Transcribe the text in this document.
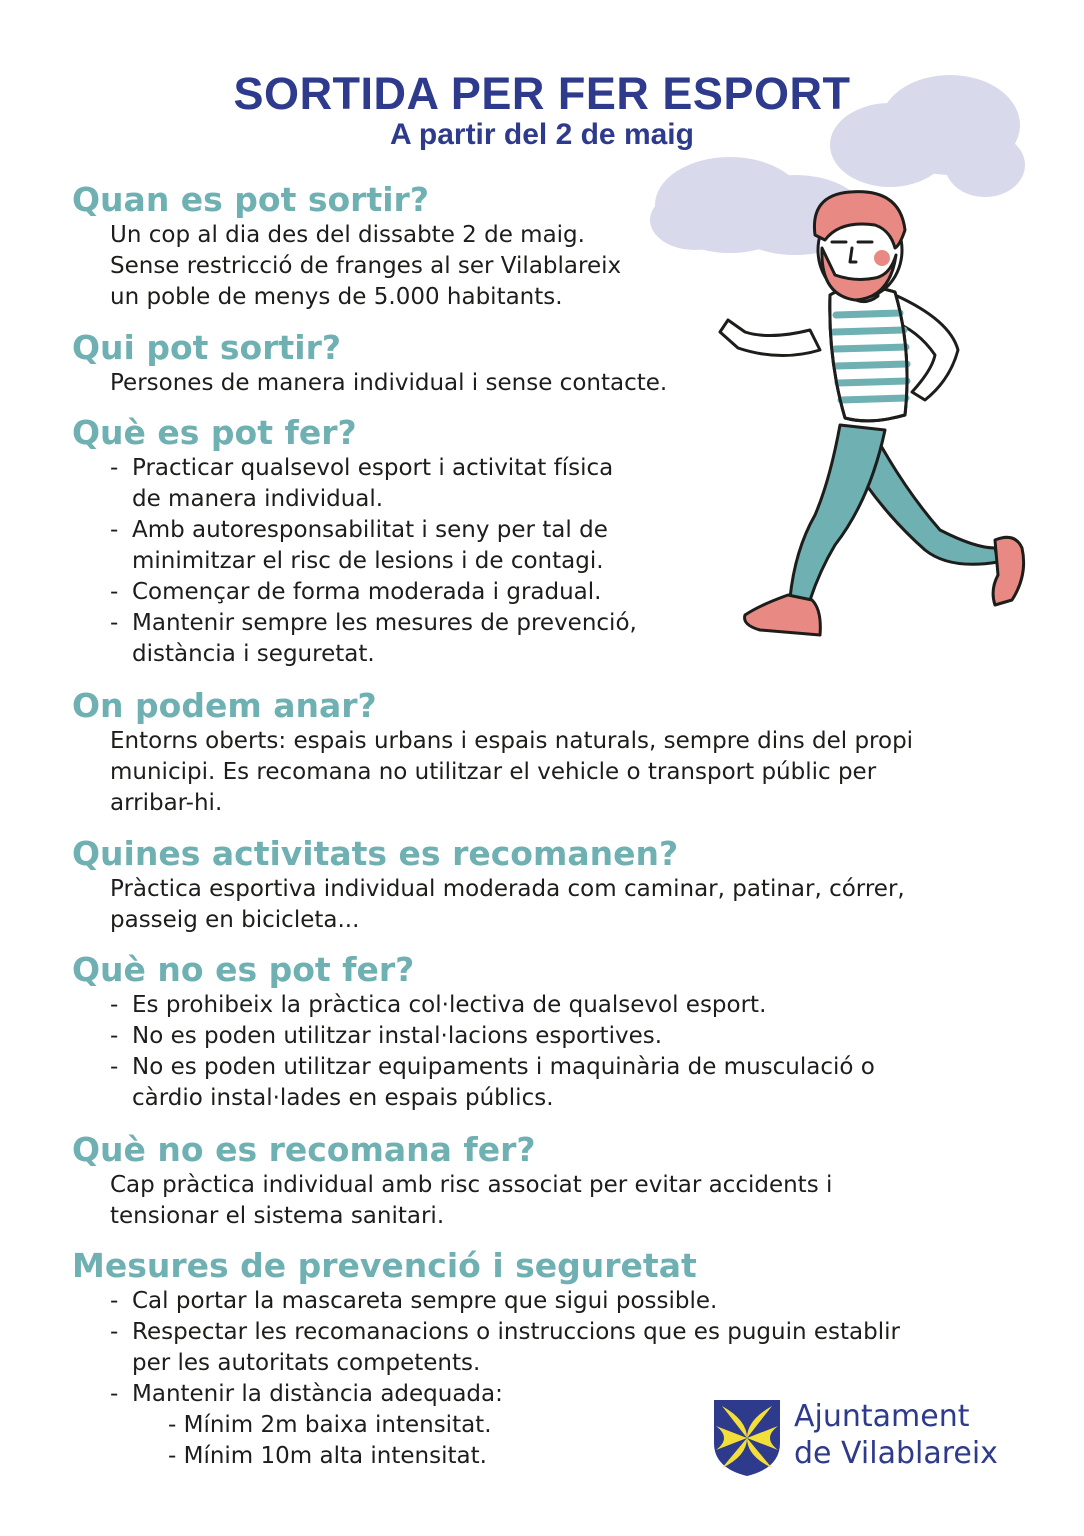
SORTIDA PER FER ESPORT
A partir del 2 de maig
Quan es pot sortir?

Un cop al dia des del dissabte 2 de maig.

Sense restricció de franges al ser Vilablareix

un poble de menys de 5.000 habitants.

Qui pot sortir?

Persones de manera individual i sense contacte.

Què es pot fer?

- Practicar qualsevol esport i activitat física

de manera individual.

- Amb autoresponsabilitat i seny per tal de

minimitzar el risc de lesions i de contagi.

- Començar de forma moderada i gradual.

- Mantenir sempre les mesures de prevenció,

distància i seguretat.

On podem anar?

Entorns oberts: espais urbans i espais naturals, sempre dins del propi

municipi. Es recomana no utilitzar el vehicle o transport públic per

arribar-hi.

Quines activitats es recomanen?

Pràctica esportiva individual moderada com caminar, patinar, córrer,

passeig en bicicleta...

Què no es pot fer?

- Es prohibeix la pràctica col·lectiva de qualsevol esport.

- No es poden utilitzar instal·lacions esportives.

- No es poden utilitzar equipaments i maquinària de musculació o

càrdio instal·lades en espais públics.

Què no es recomana fer?

Cap pràctica individual amb risc associat per evitar accidents i

tensionar el sistema sanitari.

Mesures de prevenció i seguretat

- Cal portar la mascareta sempre que sigui possible.

- Respectar les recomanacions o instruccions que es puguin establir

per les autoritats competents.

- Mantenir la distància adequada:

- Mínim 2m baixa intensitat.

- Mínim 10m alta intensitat.

Ajuntament

de Vilablareix
